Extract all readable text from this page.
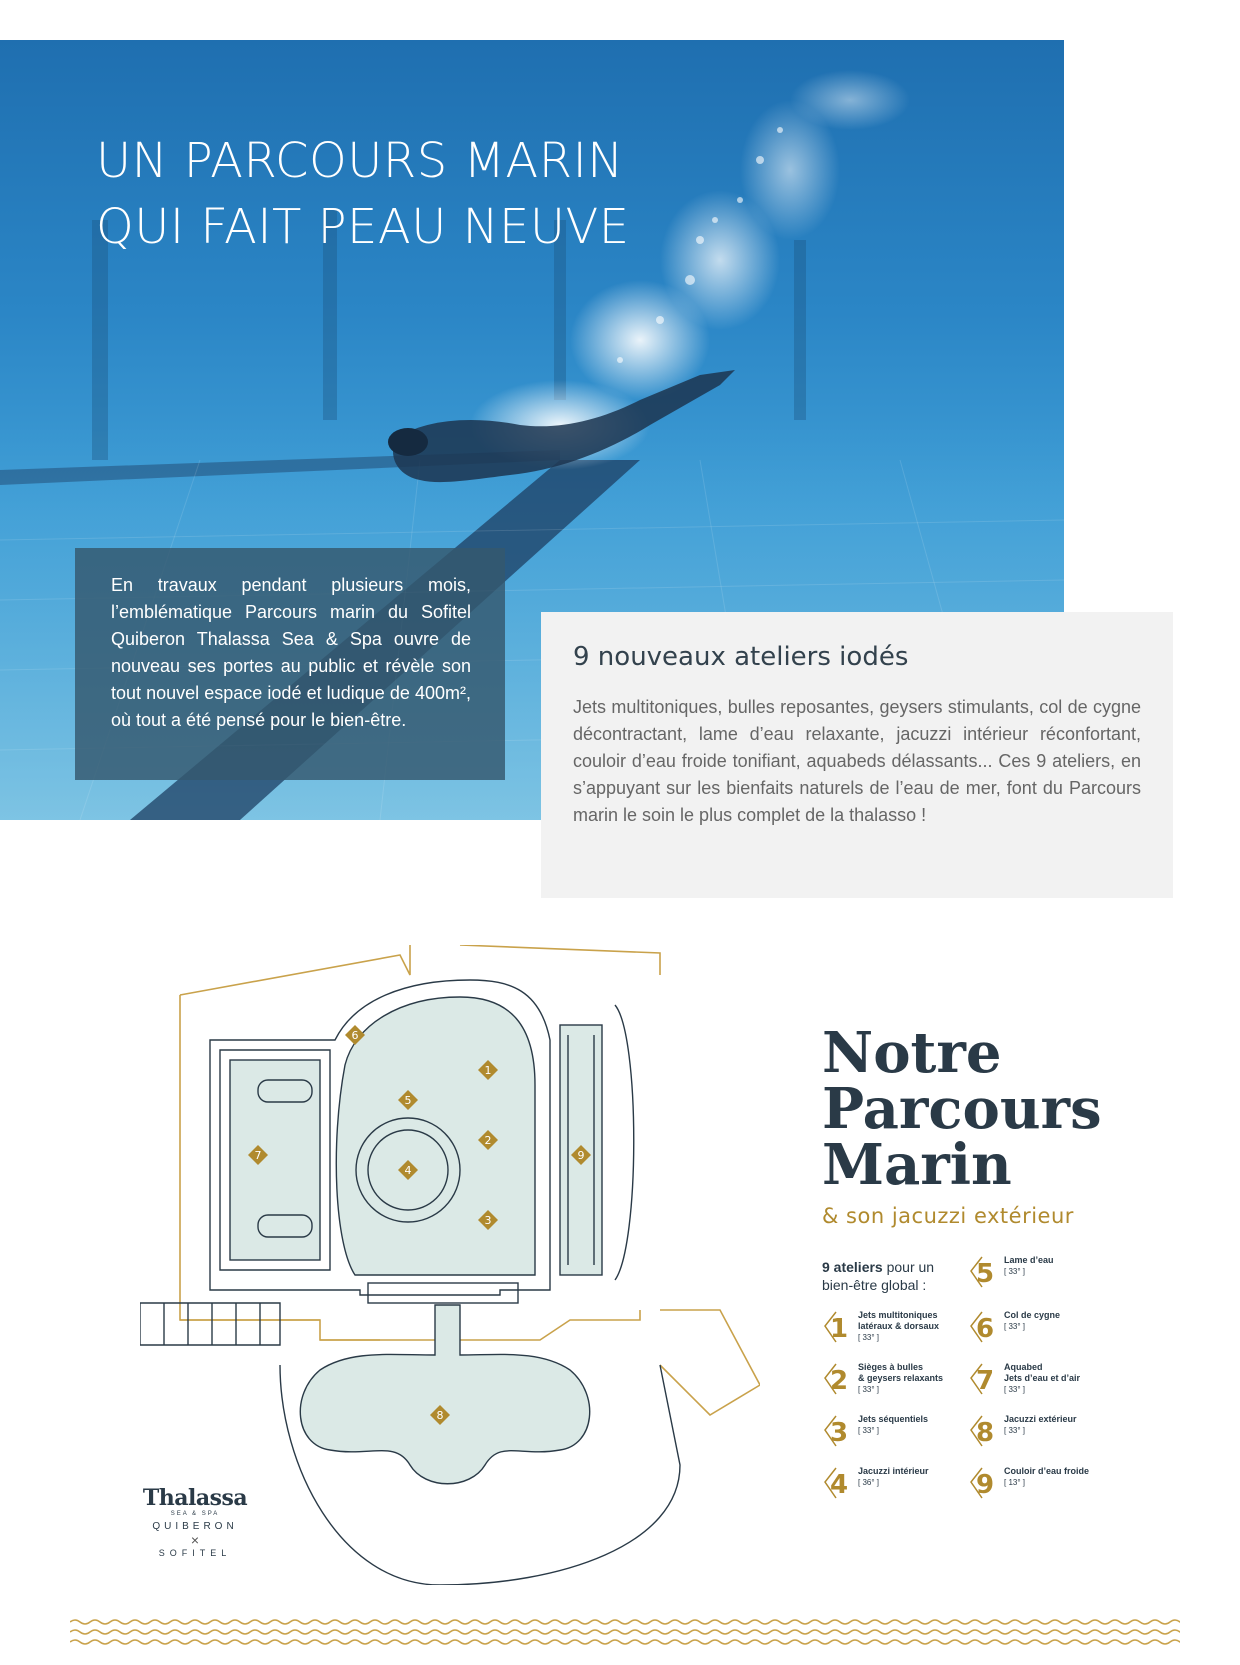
UN PARCOURS MARIN
QUI FAIT PEAU NEUVE
En travaux pendant plusieurs mois, l’emblématique Parcours marin du Sofitel Quiberon Thalassa Sea & Spa ouvre de nouveau ses portes au public et révèle son tout nouvel espace iodé et ludique de 400m², où tout a été pensé pour le bien-être.
9 nouveaux ateliers iodés

Jets multitoniques, bulles reposantes, geysers stimulants, col de cygne décontractant, lame d’eau relaxante, jacuzzi intérieur réconfortant, couloir d’eau froide tonifiant, aquabeds délassants... Ces 9 ateliers, en s’appuyant sur les bienfaits naturels de l’eau de mer, font du Parcours marin le soin le plus complet de la thalasso !

1
2
3
4
5
6
7
8
9
Notre
Parcours
Marin
& son jacuzzi extérieur
9 ateliers pour un bien-être global :
1 Jets multitoniques
latéraux & dorsaux
[ 33° ]
2 Sièges à bulles
& geysers relaxants
[ 33° ]
3 Jets séquentiels
[ 33° ]
4 Jacuzzi intérieur
[ 36° ]
5 Lame d’eau
[ 33° ]
6 Col de cygne
[ 33° ]
7 Aquabed
Jets d’eau et d’air
[ 33° ]
8 Jacuzzi extérieur
[ 33° ]
9 Couloir d’eau froide
[ 13° ]
Thalassa
SEA & SPA
QUIBERON
×
SOFITEL
